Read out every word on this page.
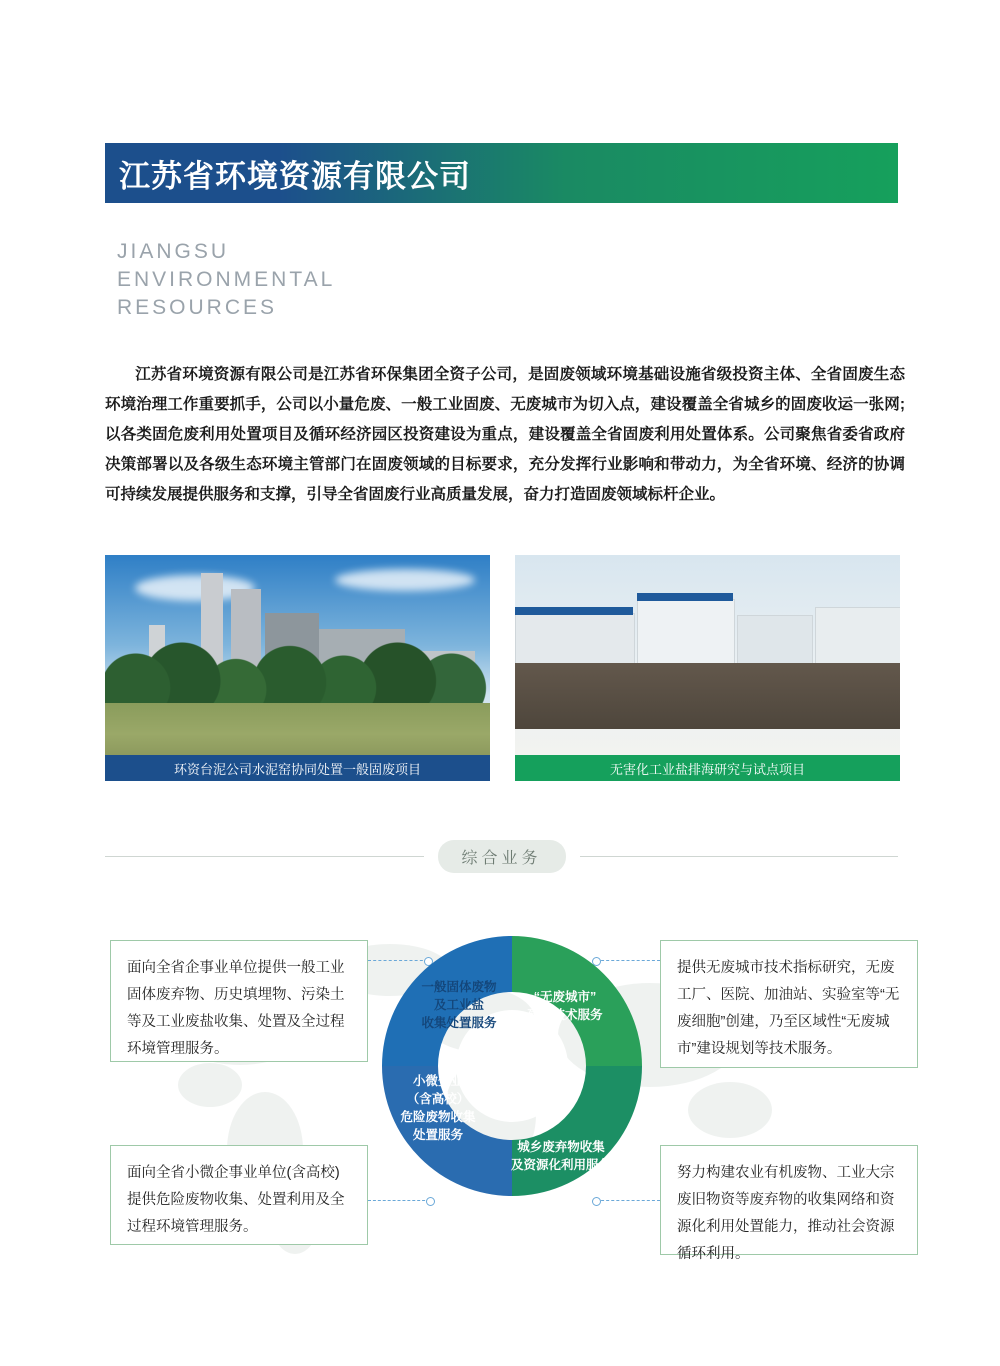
江苏省环境资源有限公司
JIANGSU
ENVIRONMENTAL
RESOURCES
江苏省环境资源有限公司是江苏省环保集团全资子公司，是固废领域环境基础设施省级投资主体、全省固废生态环境治理工作重要抓手，公司以小量危废、一般工业固废、无废城市为切入点，建设覆盖全省城乡的固废收运一张网;以各类固危废利用处置项目及循环经济园区投资建设为重点，建设覆盖全省固废利用处置体系。公司聚焦省委省政府决策部署以及各级生态环境主管部门在固废领域的目标要求，充分发挥行业影响和带动力，为全省环境、经济的协调可持续发展提供服务和支撑，引导全省固废行业高质量发展，奋力打造固废领域标杆企业。
环资台泥公司水泥窑协同处置一般固废项目	无害化工业盐排海研究与试点项目
综合业务
一般固体废物
及工业盐
收集处置服务
“无废城市”
建设技术服务
城乡废弃物收集
及资源化利用服务
小微企业
（含高校）
危险废物收集
处置服务
面向全省企事业单位提供一般工业固体废弃物、历史填埋物、污染土等及工业废盐收集、处置及全过程环境管理服务。
面向全省小微企事业单位(含高校)提供危险废物收集、处置利用及全过程环境管理服务。
提供无废城市技术指标研究，无废工厂、医院、加油站、实验室等“无废细胞”创建，乃至区域性“无废城市”建设规划等技术服务。
努力构建农业有机废物、工业大宗废旧物资等废弃物的收集网络和资源化利用处置能力，推动社会资源循环利用。
